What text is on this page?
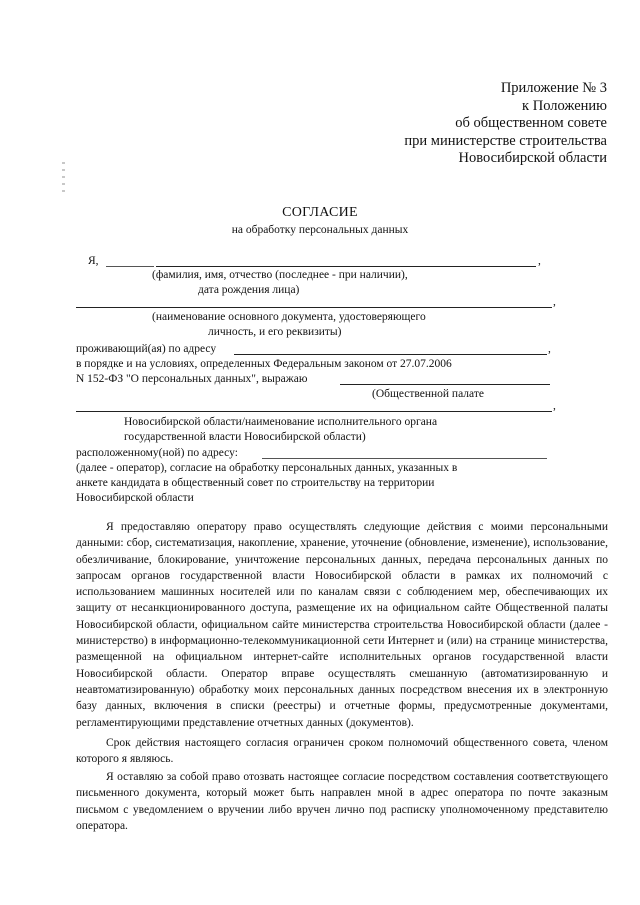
Приложение № 3
к Положению
об общественном совете
при министерстве строительства
Новосибирской области
СОГЛАСИЕ
на обработку персональных данных
Я,	,
(фамилия, имя, отчество (последнее - при наличии),
дата рождения лица)
,
(наименование основного документа, удостоверяющего
личность, и его реквизиты)
проживающий(ая) по адресу	,
в порядке и на условиях, определенных Федеральным законом от 27.07.2006
N 152-ФЗ "О персональных данных", выражаю
(Общественной палате
,
Новосибирской области/наименование исполнительного органа
государственной власти Новосибирской области)
расположенному(ной) по адресу:
(далее - оператор), согласие на обработку персональных данных, указанных в
анкете кандидата в общественный совет по строительству на территории
Новосибирской области
Я предоставляю оператору право осуществлять следующие действия с моими персональными данными: сбор, систематизация, накопление, хранение, уточнение (обновление, изменение), использование, обезличивание, блокирование, уничтожение персональных данных, передача персональных данных по запросам органов государственной власти Новосибирской области в рамках их полномочий с использованием машинных носителей или по каналам связи с соблюдением мер, обеспечивающих их защиту от несанкционированного доступа, размещение их на официальном сайте Общественной палаты Новосибирской области, официальном сайте министерства строительства Новосибирской области (далее - министерство) в информационно-телекоммуникационной сети Интернет и (или) на странице министерства, размещенной на официальном интернет-сайте исполнительных органов государственной власти Новосибирской области. Оператор вправе осуществлять смешанную (автоматизированную и неавтоматизированную) обработку моих персональных данных посредством внесения их в электронную базу данных, включения в списки (реестры) и отчетные формы, предусмотренные документами, регламентирующими представление отчетных данных (документов).
Срок действия настоящего согласия ограничен сроком полномочий общественного совета, членом которого я являюсь.
Я оставляю за собой право отозвать настоящее согласие посредством составления соответствующего письменного документа, который может быть направлен мной в адрес оператора по почте заказным письмом с уведомлением о вручении либо вручен лично под расписку уполномоченному представителю оператора.
